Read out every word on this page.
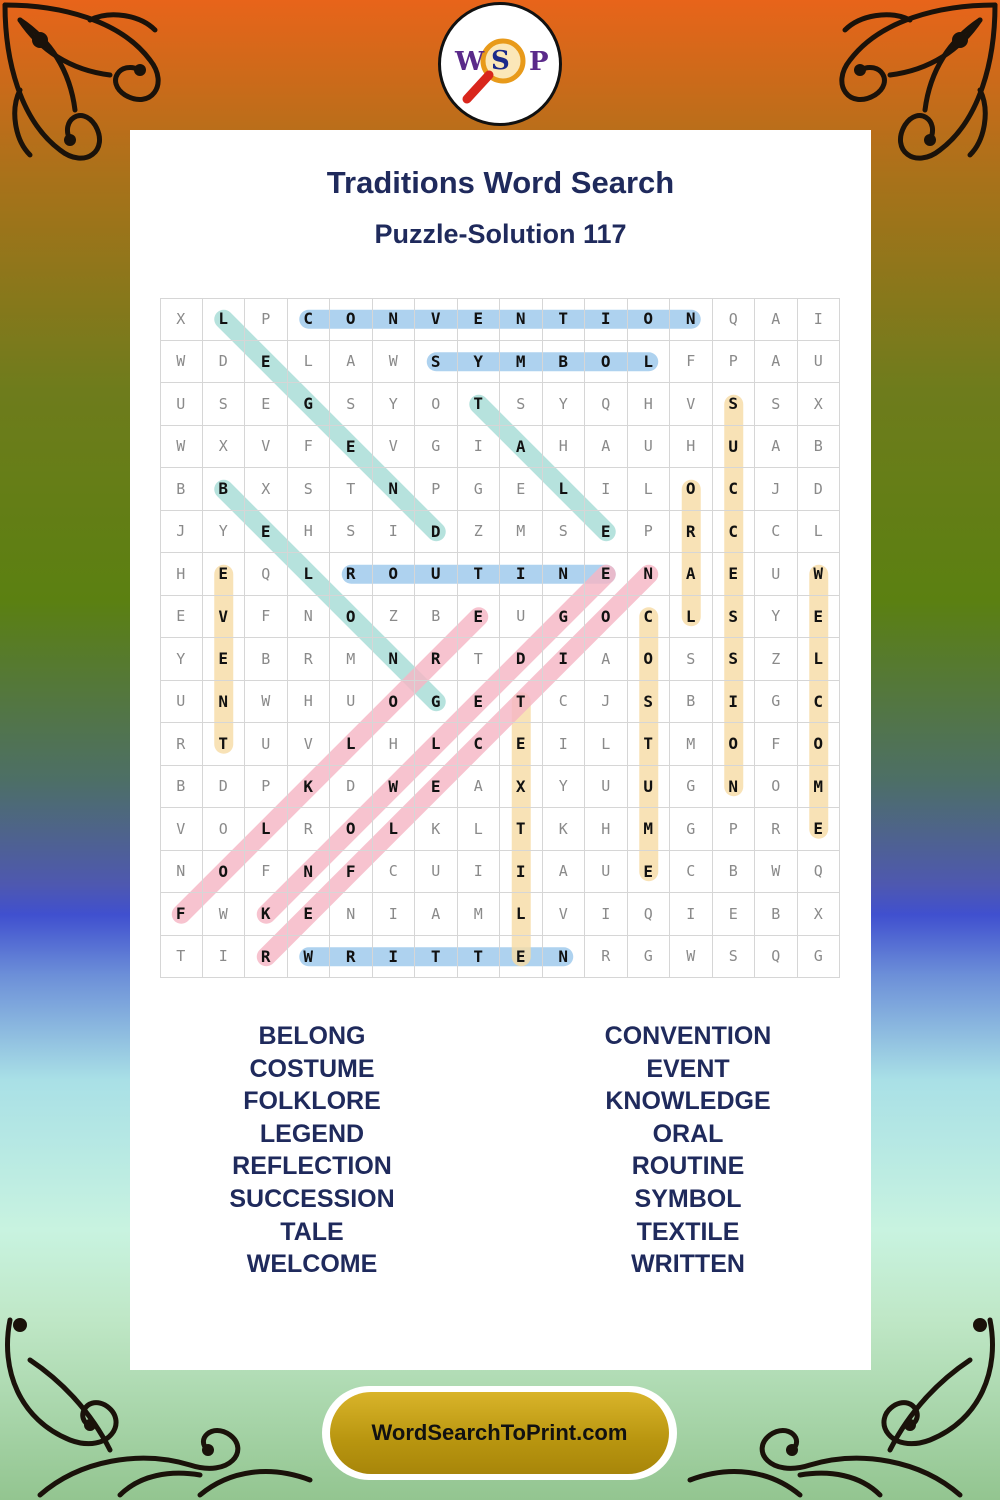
W S P
Traditions Word Search
Puzzle-Solution 117
X	L	P	C	O	N	V	E	N	T	I	O	N	Q	A	I
W	D	E	L	A	W	S	Y	M	B	O	L	F	P	A	U
U	S	E	G	S	Y	O	T	S	Y	Q	H	V	S	S	X
W	X	V	F	E	V	G	I	A	H	A	U	H	U	A	B
B	B	X	S	T	N	P	G	E	L	I	L	O	C	J	D
J	Y	E	H	S	I	D	Z	M	S	E	P	R	C	C	L
H	E	Q	L	R	O	U	T	I	N	E	N	A	E	U	W
E	V	F	N	O	Z	B	E	U	G	O	C	L	S	Y	E
Y	E	B	R	M	N	R	T	D	I	A	O	S	S	Z	L
U	N	W	H	U	O	G	E	T	C	J	S	B	I	G	C
R	T	U	V	L	H	L	C	E	I	L	T	M	O	F	O
B	D	P	K	D	W	E	A	X	Y	U	U	G	N	O	M
V	O	L	R	O	L	K	L	T	K	H	M	G	P	R	E
N	O	F	N	F	C	U	I	I	A	U	E	C	B	W	Q
F	W	K	E	N	I	A	M	L	V	I	Q	I	E	B	X
T	I	R	W	R	I	T	T	E	N	R	G	W	S	Q	G
BELONG
COSTUME
FOLKLORE
LEGEND
REFLECTION
SUCCESSION
TALE
WELCOME
CONVENTION
EVENT
KNOWLEDGE
ORAL
ROUTINE
SYMBOL
TEXTILE
WRITTEN
WordSearchToPrint.com
